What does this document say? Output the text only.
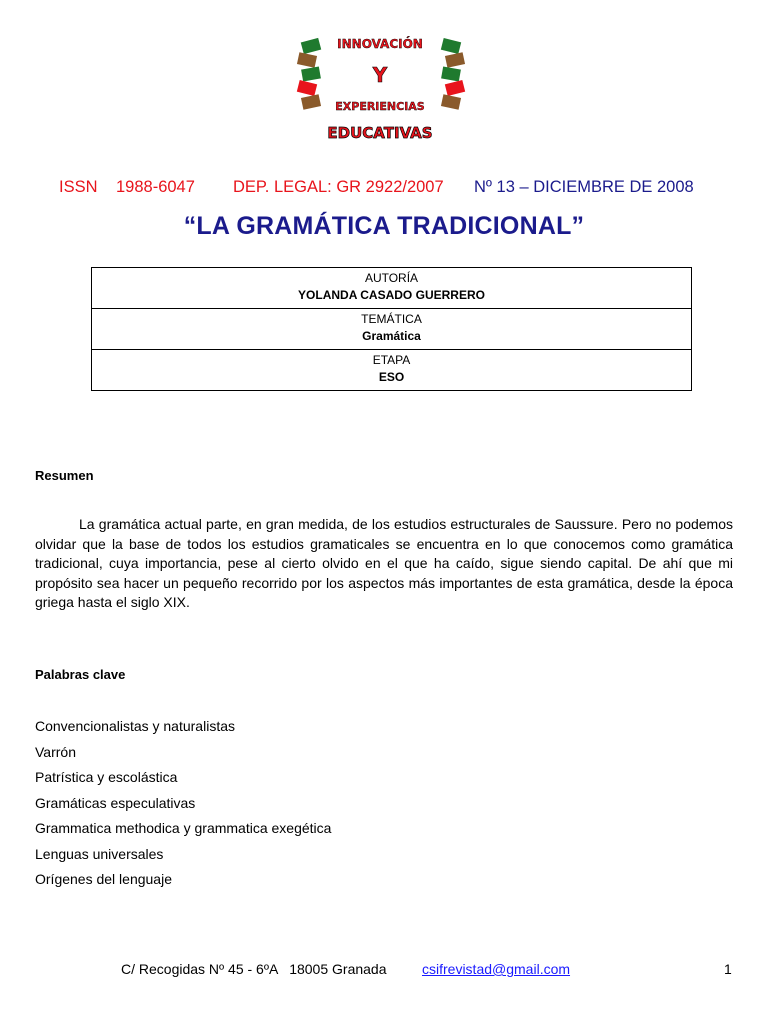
INNOVACIÓN
Y
EXPERIENCIAS
EDUCATIVAS
ISSN 1988-6047 DEP. LEGAL: GR 2922/2007 Nº 13 – DICIEMBRE DE 2008
“LA GRAMÁTICA TRADICIONAL”
AUTORÍA
YOLANDA CASADO GUERRERO

TEMÁTICA
Gramática

ETAPA
ESO
Resumen

La gramática actual parte, en gran medida, de los estudios estructurales de Saussure. Pero no podemos olvidar que la base de todos los estudios gramaticales se encuentra en lo que conocemos como gramática tradicional, cuya importancia, pese al cierto olvido en el que ha caído, sigue siendo capital. De ahí que mi propósito sea hacer un pequeño recorrido por los aspectos más importantes de esta gramática, desde la época griega hasta el siglo XIX.

Palabras clave
Convencionalistas y naturalistas
Varrón
Patrística y escolástica
Gramáticas especulativas
Grammatica methodica y grammatica exegética
Lenguas universales
Orígenes del lenguaje
C/ Recogidas Nº 45 - 6ºA   18005 Granada	csifrevistad@gmail.com	1
